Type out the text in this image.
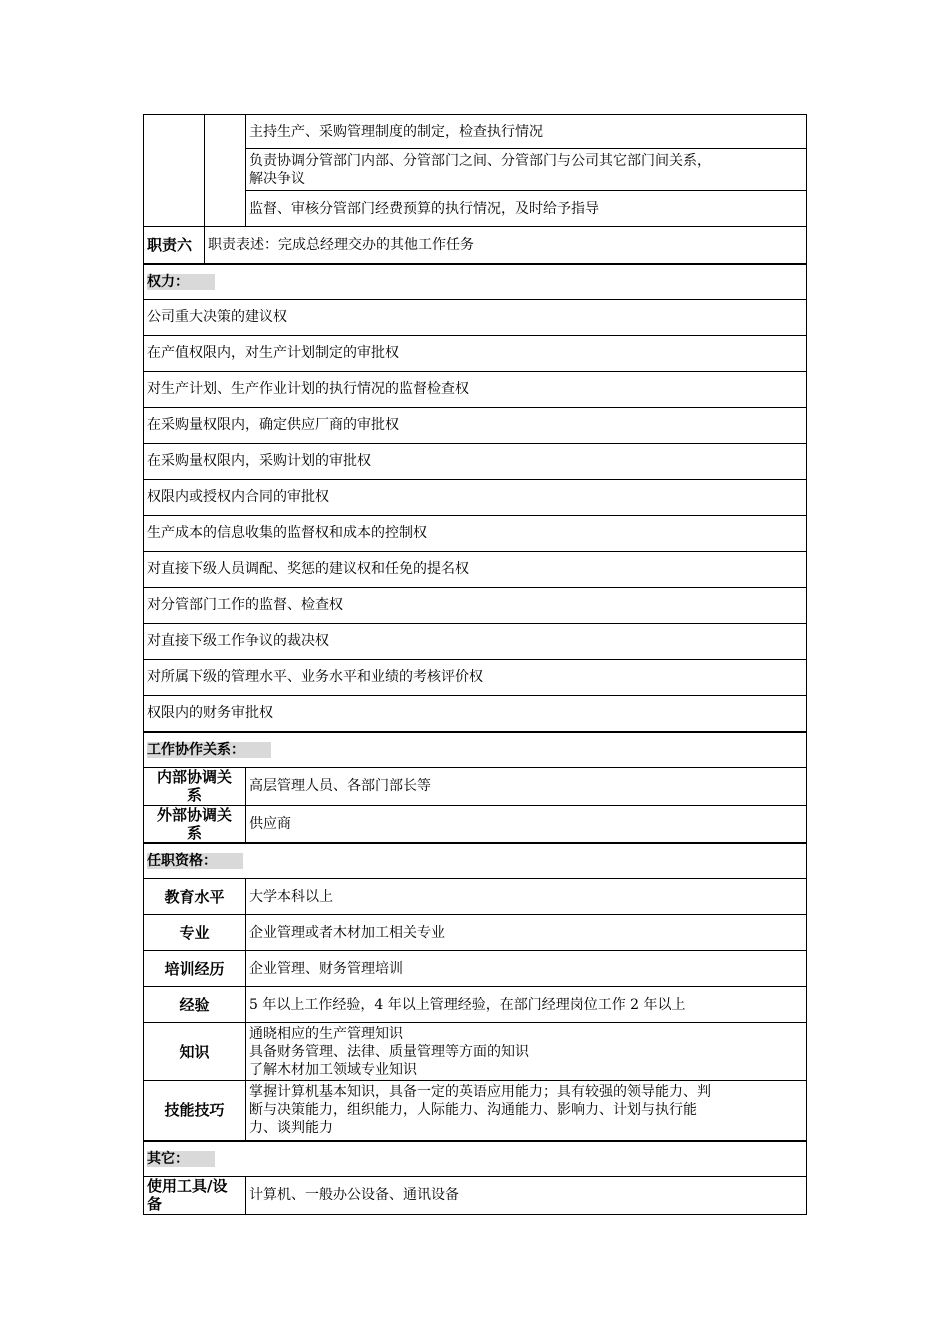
		主持生产、采购管理制度的制定，检查执行情况

		负责协调分管部门内部、分管部门之间、分管部门与公司其它部门间关系，
解决争议

		监督、审核分管部门经费预算的执行情况，及时给予指导
职责六	职责表述：完成总经理交办的其他工作任务	
权力：		
公司重大决策的建议权		
在产值权限内，对生产计划制定的审批权		
对生产计划、生产作业计划的执行情况的监督检查权		
在采购量权限内，确定供应厂商的审批权		
在采购量权限内，采购计划的审批权		
权限内或授权内合同的审批权		
生产成本的信息收集的监督权和成本的控制权		
对直接下级人员调配、奖惩的建议权和任免的提名权		
对分管部门工作的监督、检查权		
对直接下级工作争议的裁决权		
对所属下级的管理水平、业务水平和业绩的考核评价权		
权限内的财务审批权		
工作协作关系：		

内部协调关
系		高层管理人员、各部门部长等

外部协调关
系		供应商
任职资格：		
教育水平		大学本科以上
专业		企业管理或者木材加工相关专业
培训经历		企业管理、财务管理培训
经验		5 年以上工作经验，4 年以上管理经验，在部门经理岗位工作 2 年以上
知识		通晓相应的生产管理知识
具备财务管理、法律、质量管理等方面的知识
了解木材加工领域专业知识

技能技巧		掌握计算机基本知识，具备一定的英语应用能力；具有较强的领导能力、判
断与决策能力，组织能力，人际能力、沟通能力、影响力、计划与执行能
力、谈判能力

其它：		

使用工具/设
备		计算机、一般办公设备、通讯设备
